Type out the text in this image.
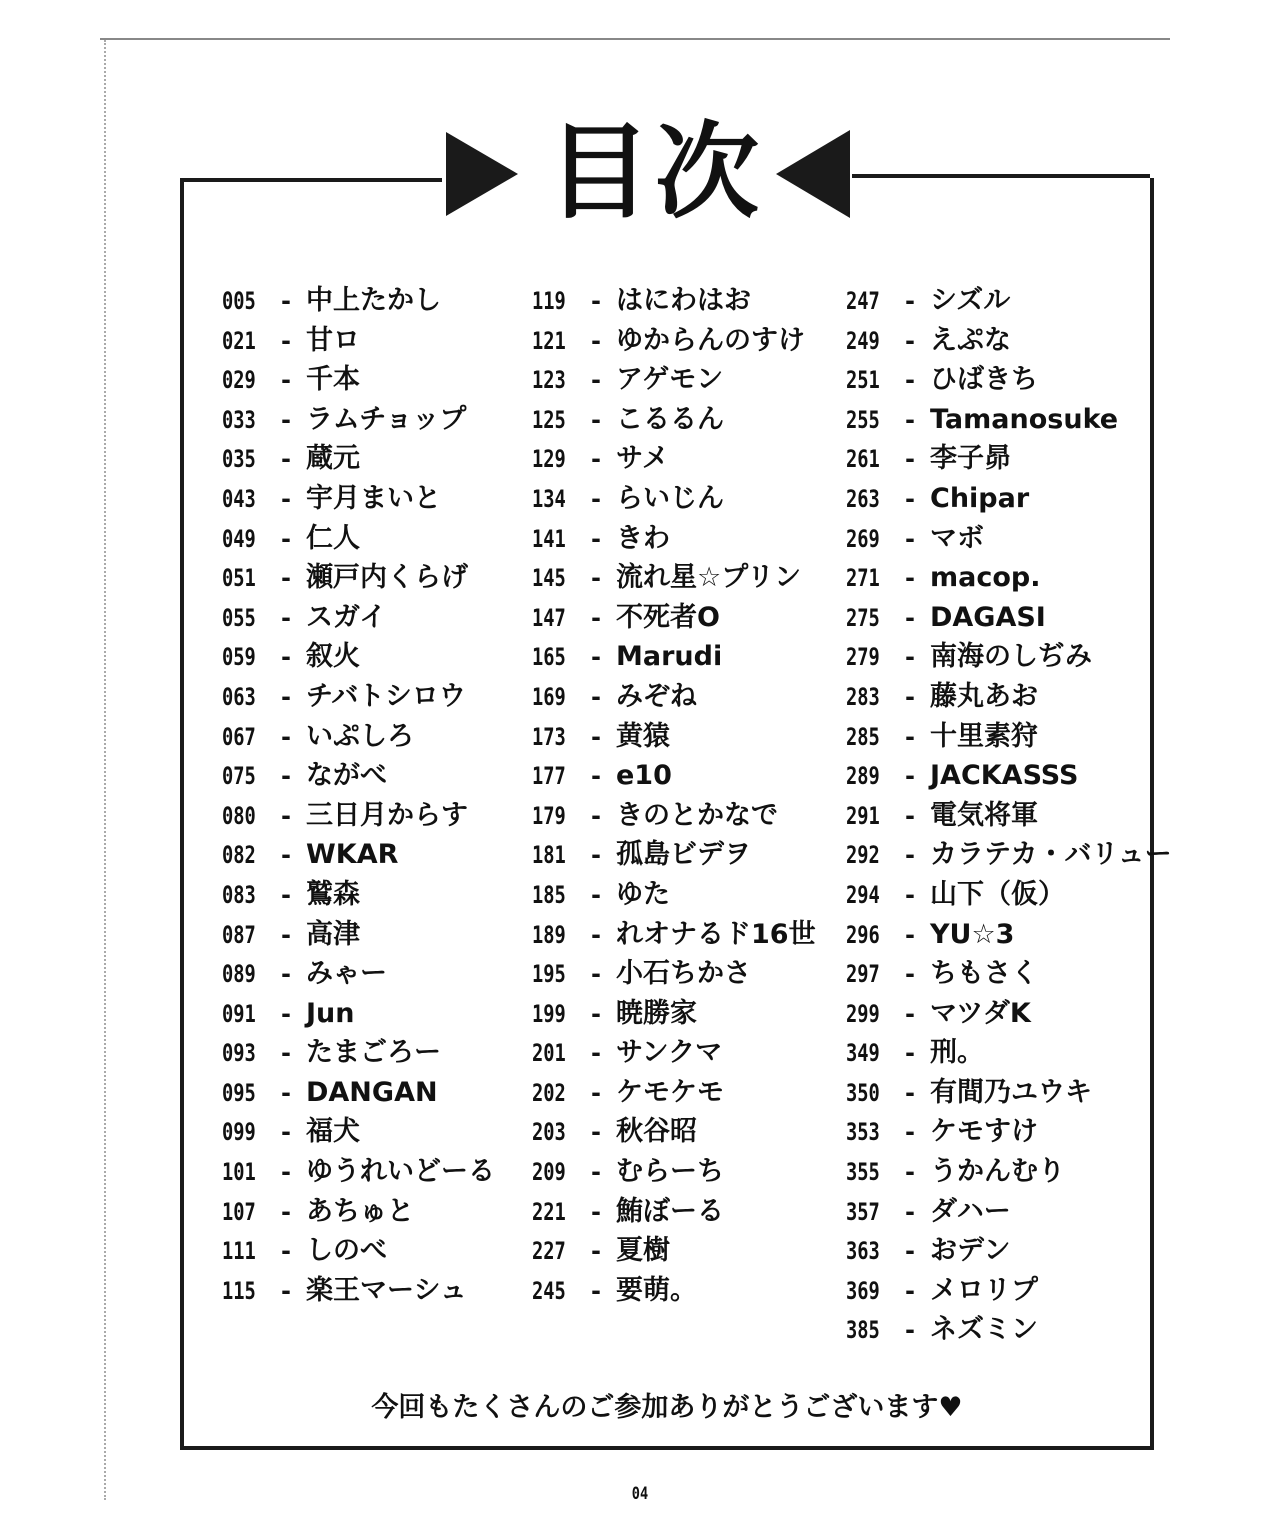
目次
005 - 中上たかし
021 - 甘ロ
029 - 千本
033 - ラムチョップ
035 - 蔵元
043 - 宇月まいと
049 - 仁人
051 - 瀬戸内くらげ
055 - スガイ
059 - 叙火
063 - チバトシロウ
067 - いぷしろ
075 - ながべ
080 - 三日月からす
082 - WKAR
083 - 鷲森
087 - 高津
089 - みゃー
091 - Jun
093 - たまごろー
095 - DANGAN
099 - 福犬
101 - ゆうれいどーる
107 - あちゅと
111 - しのべ
115 - 楽王マーシュ
119 - はにわはお
121 - ゆからんのすけ
123 - アゲモン
125 - こるるん
129 - サメ
134 - らいじん
141 - きわ
145 - 流れ星☆プリン
147 - 不死者O
165 - Marudi
169 - みぞね
173 - 黄猿
177 - e10
179 - きのとかなで
181 - 孤島ビデヲ
185 - ゆた
189 - れオナるド16世
195 - 小石ちかさ
199 - 暁勝家
201 - サンクマ
202 - ケモケモ
203 - 秋谷昭
209 - むらーち
221 - 鮪ぼーる
227 - 夏樹
245 - 要萌。
247 - シズル
249 - えぷな
251 - ひばきち
255 - Tamanosuke
261 - 李子昴
263 - Chipar
269 - マボ
271 - macop.
275 - DAGASI
279 - 南海のしぢみ
283 - 藤丸あお
285 - 十里素狩
289 - JACKASSS
291 - 電気将軍
292 - カラテカ・バリュー
294 - 山下（仮）
296 - YU☆3
297 - ちもさく
299 - マツダK
349 - 刑。
350 - 有間乃ユウキ
353 - ケモすけ
355 - うかんむり
357 - ダハー
363 - おデン
369 - メロリプ
385 - ネズミン
今回もたくさんのご参加ありがとうございます♥
04
